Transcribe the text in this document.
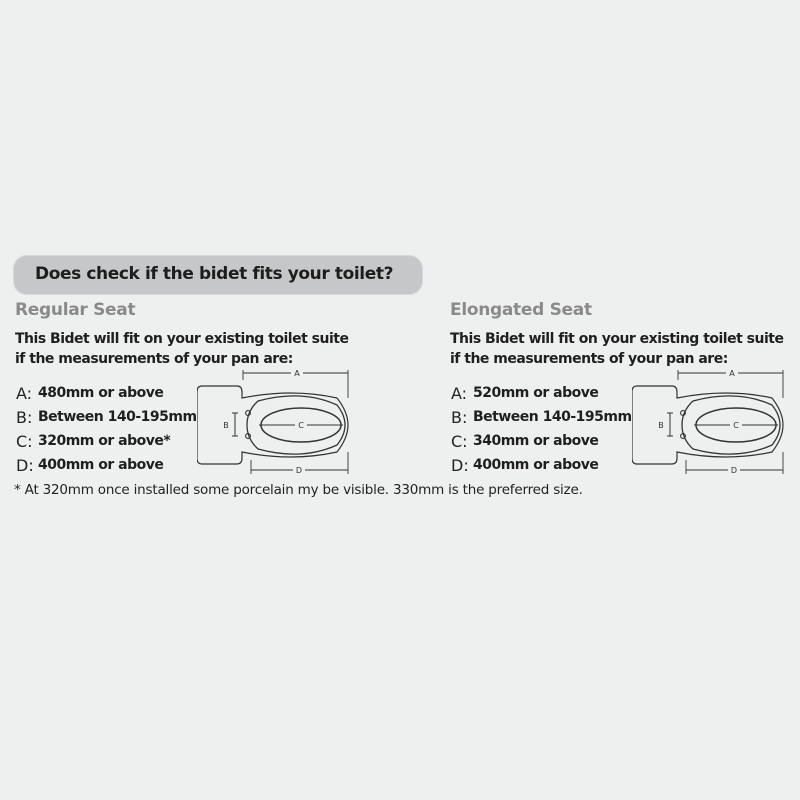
Does check if the bidet fits your toilet?
Regular Seat
This Bidet will fit on your existing toilet suite
if the measurements of your pan are:
A: 480mm or above
B: Between 140-195mm
C: 320mm or above*
D: 400mm or above
A
B	C
D
Elongated Seat
This Bidet will fit on your existing toilet suite
if the measurements of your pan are:
A: 520mm or above
B: Between 140-195mm
C: 340mm or above
D: 400mm or above
A
B	C
D
* At 320mm once installed some porcelain my be visible. 330mm is the preferred size.
